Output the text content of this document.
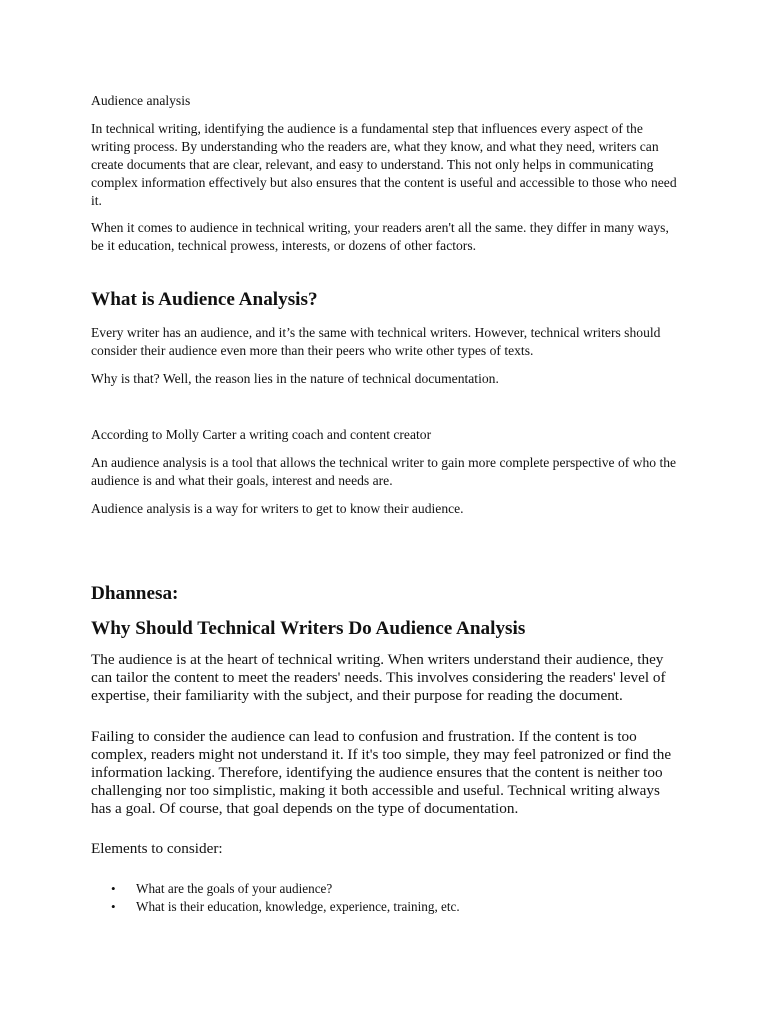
Audience analysis

In technical writing, identifying the audience is a fundamental step that influences every aspect of the writing process. By understanding who the readers are, what they know, and what they need, writers can create documents that are clear, relevant, and easy to understand. This not only helps in communicating complex information effectively but also ensures that the content is useful and accessible to those who need it.

When it comes to audience in technical writing, your readers aren't all the same. they differ in many ways, be it education, technical prowess, interests, or dozens of other factors.

What is Audience Analysis?

Every writer has an audience, and it’s the same with technical writers. However, technical writers should consider their audience even more than their peers who write other types of texts.

Why is that? Well, the reason lies in the nature of technical documentation.

According to Molly Carter a writing coach and content creator

An audience analysis is a tool that allows the technical writer to gain more complete perspective of who the audience is and what their goals, interest and needs are.

Audience analysis is a way for writers to get to know their audience.

Dhannesa:
Why Should Technical Writers Do Audience Analysis

The audience is at the heart of technical writing. When writers understand their audience, they can tailor the content to meet the readers' needs. This involves considering the readers' level of expertise, their familiarity with the subject, and their purpose for reading the document.

Failing to consider the audience can lead to confusion and frustration. If the content is too complex, readers might not understand it. If it's too simple, they may feel patronized or find the information lacking. Therefore, identifying the audience ensures that the content is neither too challenging nor too simplistic, making it both accessible and useful. Technical writing always has a goal. Of course, that goal depends on the type of documentation.

Elements to consider:

• What are the goals of your audience?
• What is their education, knowledge, experience, training, etc.
